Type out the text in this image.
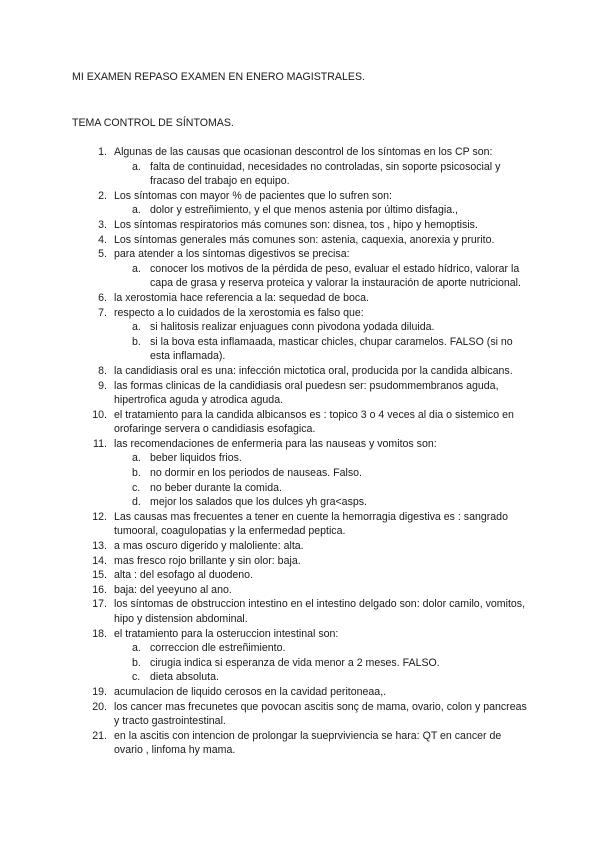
MI EXAMEN REPASO EXAMEN EN ENERO MAGISTRALES.
TEMA CONTROL DE SÍNTOMAS.
1. Algunas de las causas que ocasionan descontrol de los síntomas en los CP son:
a. falta de continuidad, necesidades no controladas, sin soporte psicosocial y fracaso del trabajo en equipo.
2. Los síntomas con mayor % de pacientes que lo sufren son:
a. dolor y estreñimiento, y el que menos astenia por último disfagia.,
3. Los síntomas respiratorios más comunes son: disnea, tos , hipo y hemoptisis.
4. Los síntomas generales más comunes son: astenia, caquexia, anorexia y prurito.
5. para atender a los síntomas digestivos se precisa:
a. conocer los motivos de la pérdida de peso, evaluar el estado hídrico, valorar la capa de grasa y reserva proteica y valorar la instauración de aporte nutricional.
6. la xerostomia hace referencia a la: sequedad de boca.
7. respecto a lo cuidados de la xerostomia es falso que:
a. si halitosis realizar enjuagues conn pivodona yodada diluida.
b. si la bova esta inflamaada, masticar chicles, chupar caramelos. FALSO (si no esta inflamada).
8. la candidiasis oral es una: infección mictotica oral, producida por la candida albicans.
9. las formas clinicas de la candidiasis oral puedesn ser: psudommembranos aguda, hipertrofica aguda y atrodica aguda.
10. el tratamiento para la candida albicansos es : topico 3 o 4 veces al dia o sistemico en orofaringe servera o candidiasis esofagica.
11. las recomendaciones de enfermeria para las nauseas y vomitos son:
a. beber liquidos frios.
b. no dormir en los periodos de nauseas. Falso.
c. no beber durante la comida.
d. mejor los salados que los dulces yh gra<asps.
12. Las causas mas frecuentes a tener en cuente la hemorragia digestiva es : sangrado tumooral, coagulopatias y la enfermedad peptica.
13. a mas oscuro digerido y maloliente: alta.
14. mas fresco rojo brillante y sin olor: baja.
15. alta : del esofago al duodeno.
16. baja: del yeeyuno al ano.
17. los síntomas de obstruccion intestino en el intestino delgado son: dolor camilo, vomitos, hipo y distension abdominal.
18. el tratamiento para la osteruccion intestinal son:
a. correccion dle estreñimiento.
b. cirugia indica si esperanza de vida menor a 2 meses. FALSO.
c. dieta absoluta.
19. acumulacion de liquido cerosos en la cavidad peritoneaa,.
20. los cancer mas frecunetes que povocan ascitis sonç de mama, ovario, colon y pancreas y tracto gastrointestinal.
21. en la ascitis con intencion de prolongar la sueprviviencia se hara: QT en cancer de ovario , linfoma hy mama.
